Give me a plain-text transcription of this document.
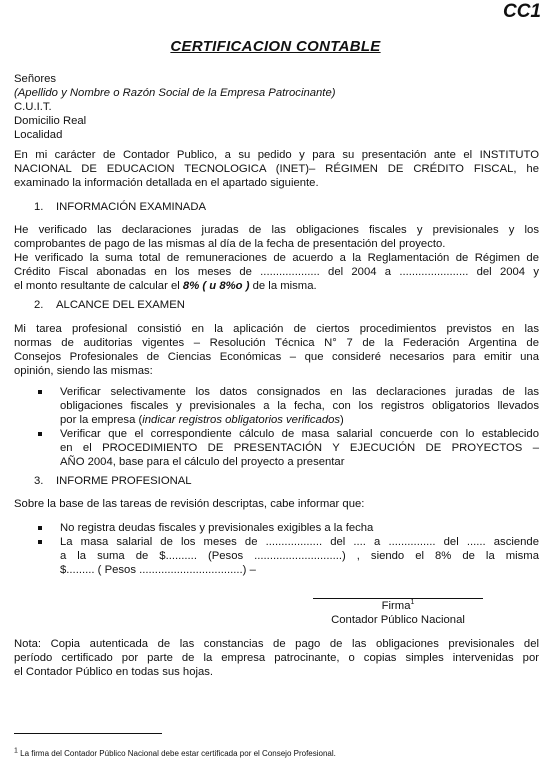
CC1
CERTIFICACION CONTABLE
Señores
(Apellido y Nombre o Razón Social de la Empresa Patrocinante)
C.U.I.T.
Domicilio Real
Localidad
En mi carácter de Contador Publico, a su pedido y para su presentación ante el INSTITUTO
NACIONAL DE EDUCACION TECNOLOGICA (INET)– RÉGIMEN DE CRÉDITO FISCAL, he
examinado la información detallada en el apartado siguiente.
1. INFORMACIÓN EXAMINADA
He verificado las declaraciones juradas de las obligaciones fiscales y previsionales y los
comprobantes de pago de las mismas al día de la fecha de presentación del proyecto.
He verificado la suma total de remuneraciones de acuerdo a la Reglamentación de Régimen de
Crédito Fiscal abonadas en los meses de ................... del 2004 a ...................... del 2004 y
el monto resultante de calcular el 8% ( u 8%o ) de la misma.
2. ALCANCE DEL EXAMEN
Mi tarea profesional consistió en la aplicación de ciertos procedimientos previstos en las
normas de auditorias vigentes – Resolución Técnica N° 7 de la Federación Argentina de
Consejos Profesionales de Ciencias Económicas – que consideré necesarios para emitir una
opinión, siendo las mismas:
Verificar selectivamente los datos consignados en las declaraciones juradas de las
obligaciones fiscales y previsionales a la fecha, con los registros obligatorios llevados
por la empresa (indicar registros obligatorios verificados)
Verificar que el correspondiente cálculo de masa salarial concuerde con lo establecido
en el PROCEDIMIENTO DE PRESENTACIÓN Y EJECUCIÓN DE PROYECTOS –
AÑO 2004, base para el cálculo del proyecto a presentar
3. INFORME PROFESIONAL
Sobre la base de las tareas de revisión descriptas, cabe informar que:
No registra deudas fiscales y previsionales exigibles a la fecha
La masa salarial de los meses de .................. del .... a ............... del ...... asciende
a la suma de $.......... (Pesos ............................) , siendo el 8% de la misma
$......... ( Pesos .................................) –
Firma$^1$
Contador Público Nacional
Nota: Copia autenticada de las constancias de pago de las obligaciones previsionales del
período certificado por parte de la empresa patrocinante, o copias simples intervenidas por
el Contador Público en todas sus hojas.
$^1$ La firma del Contador Público Nacional debe estar certificada por el Consejo Profesional.
